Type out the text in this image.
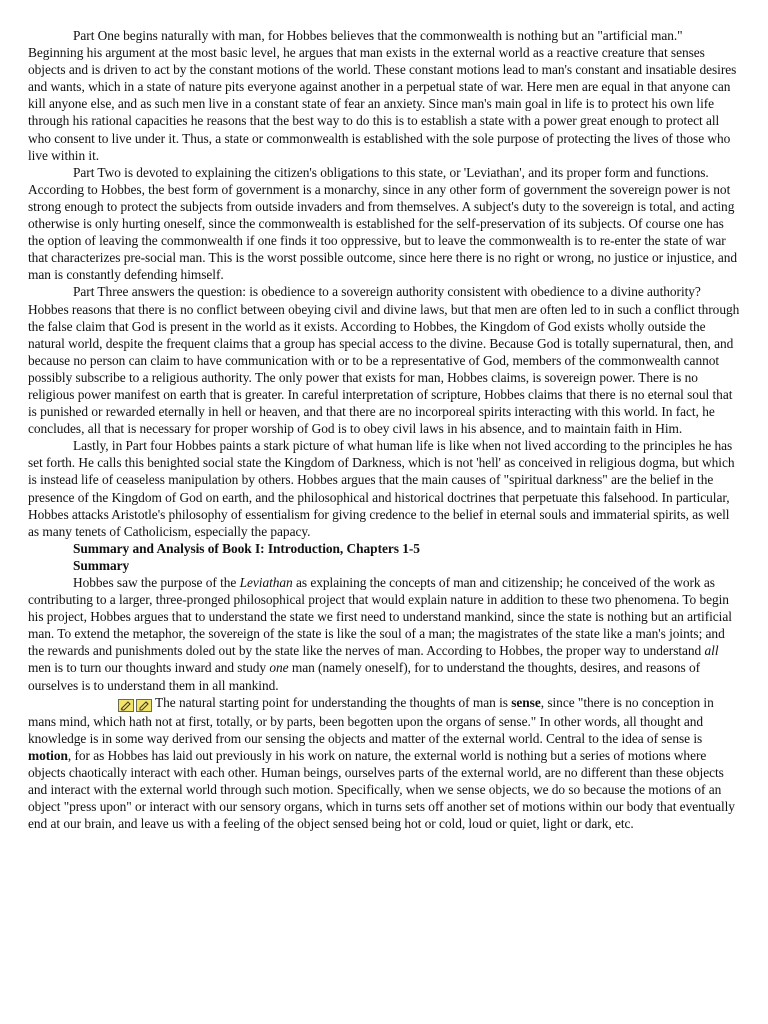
Part One begins naturally with man, for Hobbes believes that the commonwealth is nothing but an "artificial man." Beginning his argument at the most basic level, he argues that man exists in the external world as a reactive creature that senses objects and is driven to act by the constant motions of the world. These constant motions lead to man's constant and insatiable desires and wants, which in a state of nature pits everyone against another in a perpetual state of war. Here men are equal in that anyone can kill anyone else, and as such men live in a constant state of fear an anxiety. Since man's main goal in life is to protect his own life through his rational capacities he reasons that the best way to do this is to establish a state with a power great enough to protect all who consent to live under it. Thus, a state or commonwealth is established with the sole purpose of protecting the lives of those who live within it.

Part Two is devoted to explaining the citizen's obligations to this state, or 'Leviathan', and its proper form and functions. According to Hobbes, the best form of government is a monarchy, since in any other form of government the sovereign power is not strong enough to protect the subjects from outside invaders and from themselves. A subject's duty to the sovereign is total, and acting otherwise is only hurting oneself, since the commonwealth is established for the self-preservation of its subjects. Of course one has the option of leaving the commonwealth if one finds it too oppressive, but to leave the commonwealth is to re-enter the state of war that characterizes pre-social man. This is the worst possible outcome, since here there is no right or wrong, no justice or injustice, and man is constantly defending himself.

Part Three answers the question: is obedience to a sovereign authority consistent with obedience to a divine authority? Hobbes reasons that there is no conflict between obeying civil and divine laws, but that men are often led to in such a conflict through the false claim that God is present in the world as it exists. According to Hobbes, the Kingdom of God exists wholly outside the natural world, despite the frequent claims that a group has special access to the divine. Because God is totally supernatural, then, and because no person can claim to have communication with or to be a representative of God, members of the commonwealth cannot possibly subscribe to a religious authority. The only power that exists for man, Hobbes claims, is sovereign power. There is no religious power manifest on earth that is greater. In careful interpretation of scripture, Hobbes claims that there is no eternal soul that is punished or rewarded eternally in hell or heaven, and that there are no incorporeal spirits interacting with this world. In fact, he concludes, all that is necessary for proper worship of God is to obey civil laws in his absence, and to maintain faith in Him.

Lastly, in Part four Hobbes paints a stark picture of what human life is like when not lived according to the principles he has set forth. He calls this benighted social state the Kingdom of Darkness, which is not 'hell' as conceived in religious dogma, but which is instead life of ceaseless manipulation by others. Hobbes argues that the main causes of "spiritual darkness" are the belief in the presence of the Kingdom of God on earth, and the philosophical and historical doctrines that perpetuate this falsehood. In particular, Hobbes attacks Aristotle's philosophy of essentialism for giving credence to the belief in eternal souls and immaterial spirits, as well as many tenets of Catholicism, especially the papacy.

Summary and Analysis of Book I: Introduction, Chapters 1-5
Summary

Hobbes saw the purpose of the Leviathan as explaining the concepts of man and citizenship; he conceived of the work as contributing to a larger, three-pronged philosophical project that would explain nature in addition to these two phenomena. To begin his project, Hobbes argues that to understand the state we first need to understand mankind, since the state is nothing but an artificial man. To extend the metaphor, the sovereign of the state is like the soul of a man; the magistrates of the state like a man's joints; and the rewards and punishments doled out by the state like the nerves of man. According to Hobbes, the proper way to understand all men is to turn our thoughts inward and study one man (namely oneself), for to understand the thoughts, desires, and reasons of ourselves is to understand them in all mankind.

The natural starting point for understanding the thoughts of man is sense, since "there is no conception in mans mind, which hath not at first, totally, or by parts, been begotten upon the organs of sense." In other words, all thought and knowledge is in some way derived from our sensing the objects and matter of the external world. Central to the idea of sense is motion, for as Hobbes has laid out previously in his work on nature, the external world is nothing but a series of motions where objects chaotically interact with each other. Human beings, ourselves parts of the external world, are no different than these objects and interact with the external world through such motion. Specifically, when we sense objects, we do so because the motions of an object "press upon" or interact with our sensory organs, which in turns sets off another set of motions within our body that eventually end at our brain, and leave us with a feeling of the object sensed being hot or cold, loud or quiet, light or dark, etc.
